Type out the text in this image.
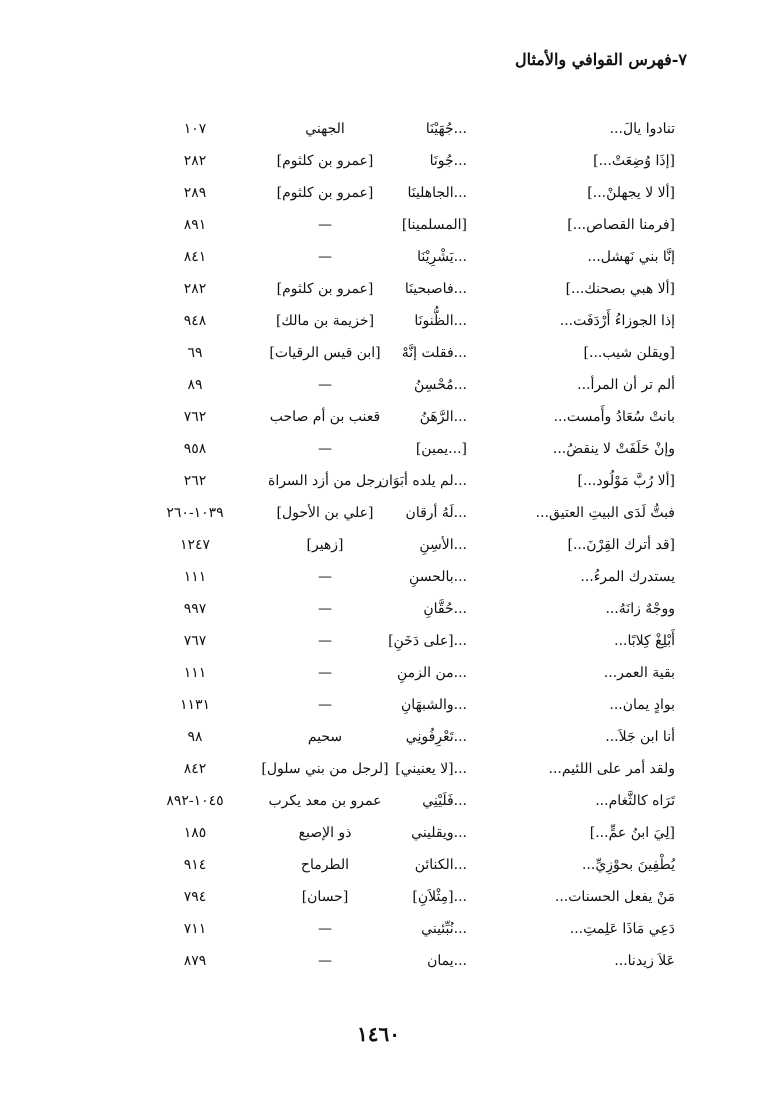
٧-فهرس القوافي والأمثال
تنادوا يالَ...
...جُهَيْنَا
الجهني
١٠٧
[إذَا وُضِعَتْ...]
...جُونَا
[عمرو بن كلثوم]
٢٨٢
[ألا لا يجهلنْ...]
...الجاهلينَا
[عمرو بن كلثوم]
٢٨٩
[فرمنا القصاص...]
[المسلمينا]
—
٨٩١
إنَّا بني نَهشل...
...يَشْرِيْنَا
—
٨٤١
[ألا هبي بصحنك...]
...فاصبحينَا
[عمرو بن كلثوم]
٢٨٢
إذا الجوزاءُ أَرْدَفَت...
...الظُّنونَا
[خزيمة بن مالك]
٩٤٨
[ويقلن شيب...]
...فقلت إنَّهْ
[ابن قيس الرقيات]
٦٩
ألم تر أن المرأ...
...مُحْسِنُ
—
٨٩
بانتْ سُعَادُ وأَمست...
...الرَّهَنُ
قعنب بن أم صاحب
٧٦٢
وإنْ حَلَفَتْ لا ينقضُ...
[...يمين]
—
٩٥٨
[ألا رُبَّ مَوْلُود...]
...لم يلده أبَوَان
رجل من أزد السراة
٢٦٢
فبتُّ لَدَى البيتِ العتيق...
...لَهُ أرقان
[علي بن الأحول]
١٠٣٩-٢٦٠
[قد أترك القِرْنَ...]
...الأسِنِ
[زهير]
١٢٤٧
يستدرك المرءُ...
...بالحسنِ
—
١١١
ووجْهٌ زانَهُ...
...حُقَّانِ
—
٩٩٧
أَبْلِغْ كِلابًا...
...[على دَخَنِ]
—
٧٦٧
بقية العمر...
...من الزمنِ
—
١١١
بوادٍ يمان...
...والشبهَانِ
—
١١٣١
أنا ابن جَلاَ...
...تَعْرِفُونِي
سحيم
٩٨
ولقد أمر على اللئيم...
...[لا يعنيني]
[لرجل من بني سلول]
٨٤٢
تَرَاه كالثَّغام...
...فَلَيْنِي
عمرو بن معد يكرب
١٠٤٥-٨٩٢
[لِيَ ابنُ عمٍّ...]
...ويقليني
ذو الإصبع
١٨٥
يُطْفِينَ بحوْزِيِّ...
...الكنائن
الطرماح
٩١٤
مَنْ يفعل الحسنات...
...[مِثْلاَنِ]
[حسان]
٧٩٤
دَعِي مَاذَا عَلِمتِ...
...نُبِّئيني
—
٧١١
عَلاَ زيدنا...
...يمان
—
٨٧٩
١٤٦٠
